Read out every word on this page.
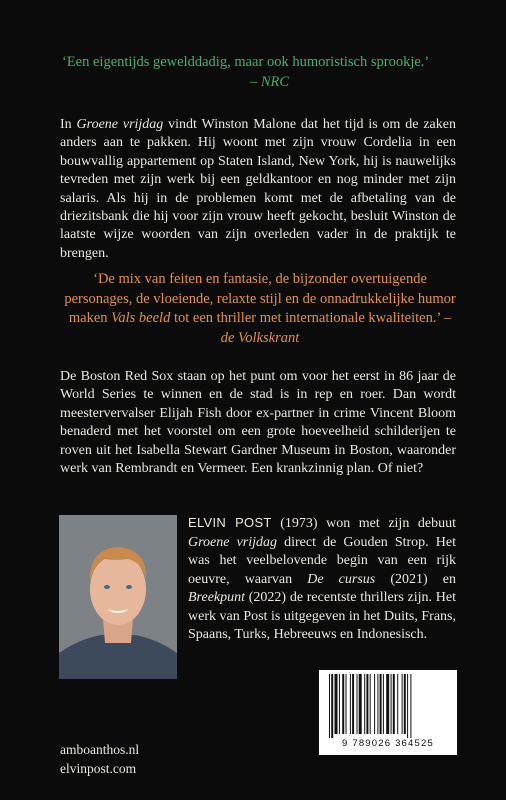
‘Een eigentijds gewelddadig, maar ook humoristisch sprookje.’
– NRC
In Groene vrijdag vindt Winston Malone dat het tijd is om de zaken anders aan te pakken. Hij woont met zijn vrouw Cordelia in een bouwvallig appartement op Staten Island, New York, hij is nauwelijks tevreden met zijn werk bij een geldkantoor en nog minder met zijn salaris. Als hij in de problemen komt met de afbetaling van de driezitsbank die hij voor zijn vrouw heeft gekocht, besluit Winston de laatste wijze woorden van zijn overleden vader in de praktijk te brengen.
‘De mix van feiten en fantasie, de bijzonder overtuigende personages, de vloeiende, relaxte stijl en de onnadrukkelijke humor maken Vals beeld tot een thriller met internationale kwaliteiten.’ – de Volkskrant
De Boston Red Sox staan op het punt om voor het eerst in 86 jaar de World Series te winnen en de stad is in rep en roer. Dan wordt meestervervalser Elijah Fish door ex-partner in crime Vincent Bloom benaderd met het voorstel om een grote hoeveelheid schilderijen te roven uit het Isabella Stewart Gardner Museum in Boston, waaronder werk van Rembrandt en Vermeer. Een krankzinnig plan. Of niet?
ELVIN POST (1973) won met zijn debuut Groene vrijdag direct de Gouden Strop. Het was het veelbelovende begin van een rijk oeuvre, waarvan De cursus (2021) en Breekpunt (2022) de recentste thrillers zijn. Het werk van Post is uitgegeven in het Duits, Frans, Spaans, Turks, Hebreeuws en Indonesisch.
amboanthos.nl
elvinpost.com
9 789026 364525
